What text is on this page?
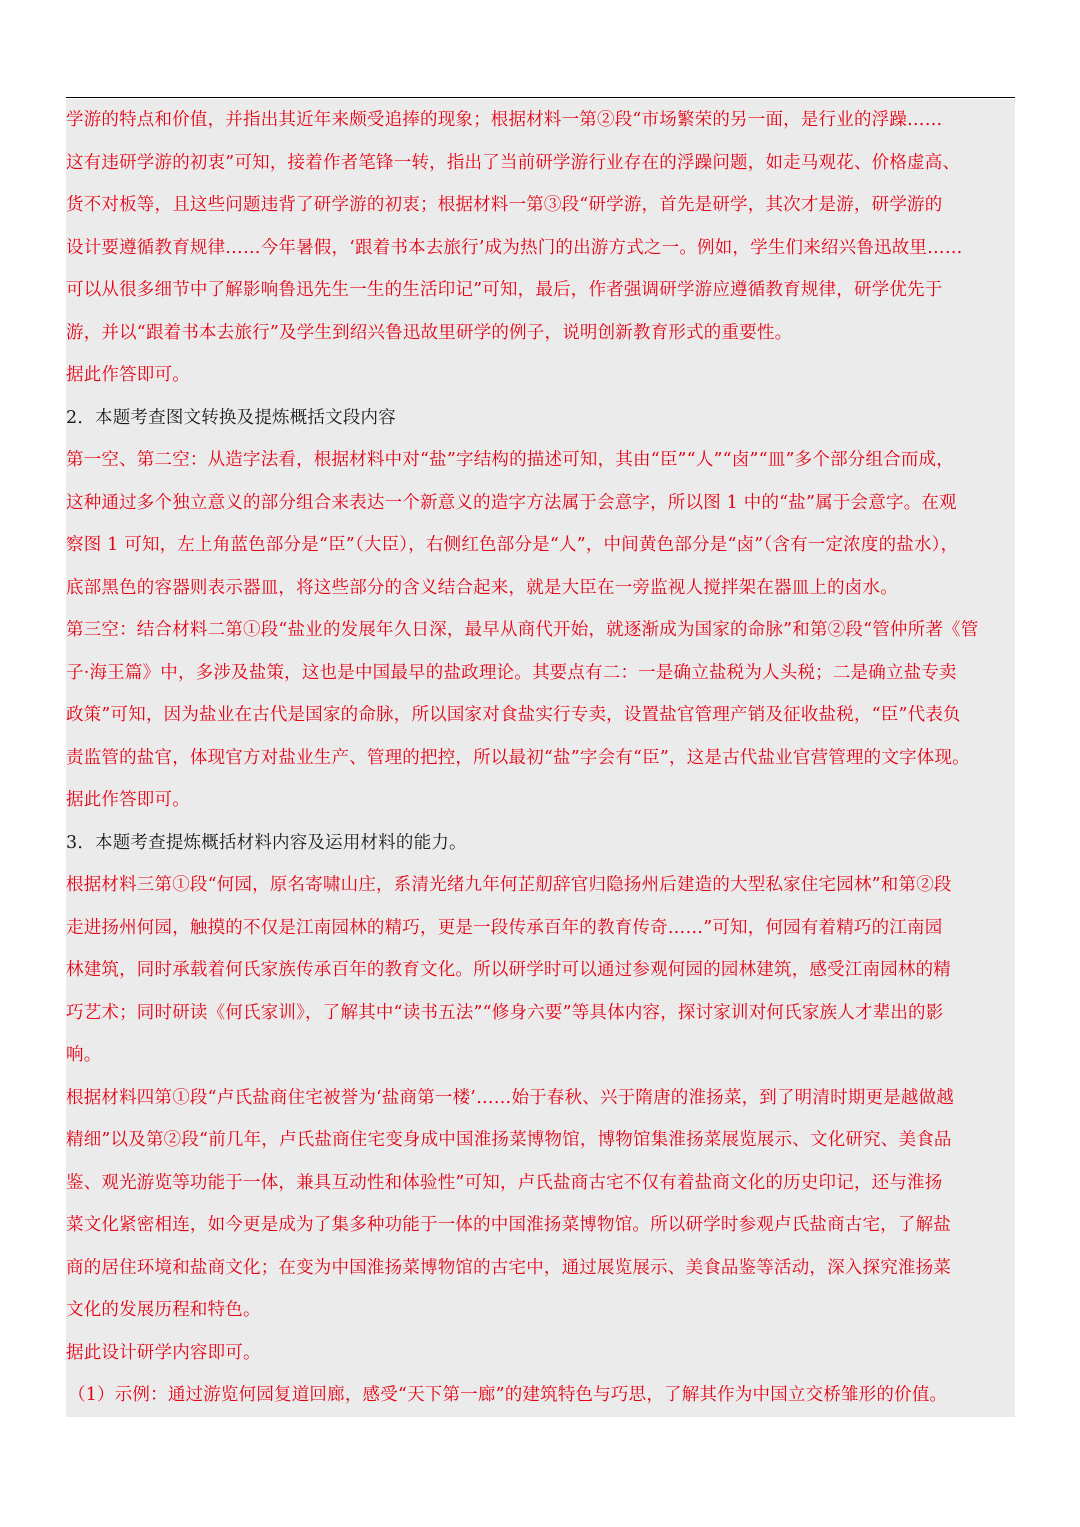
学游的特点和价值，并指出其近年来颇受追捧的现象；根据材料一第②段“市场繁荣的另一面，是行业的浮躁……
这有违研学游的初衷”可知，接着作者笔锋一转，指出了当前研学游行业存在的浮躁问题，如走马观花、价格虚高、
货不对板等，且这些问题违背了研学游的初衷；根据材料一第③段“研学游，首先是研学，其次才是游，研学游的
设计要遵循教育规律……今年暑假，‘跟着书本去旅行’成为热门的出游方式之一。例如，学生们来绍兴鲁迅故里……
可以从很多细节中了解影响鲁迅先生一生的生活印记”可知，最后，作者强调研学游应遵循教育规律，研学优先于
游，并以“跟着书本去旅行”及学生到绍兴鲁迅故里研学的例子，说明创新教育形式的重要性。
据此作答即可。
2．本题考查图文转换及提炼概括文段内容
第一空、第二空：从造字法看，根据材料中对“盐”字结构的描述可知，其由“臣”“人”“卤”“皿”多个部分组合而成，
这种通过多个独立意义的部分组合来表达一个新意义的造字方法属于会意字，所以图 1 中的“盐”属于会意字。在观
察图 1 可知，左上角蓝色部分是“臣”（大臣），右侧红色部分是“人”，中间黄色部分是“卤”（含有一定浓度的盐水），
底部黑色的容器则表示器皿，将这些部分的含义结合起来，就是大臣在一旁监视人搅拌架在器皿上的卤水。
第三空：结合材料二第①段“盐业的发展年久日深，最早从商代开始，就逐渐成为国家的命脉”和第②段“管仲所著《管
子·海王篇》中，多涉及盐策，这也是中国最早的盐政理论。其要点有二：一是确立盐税为人头税；二是确立盐专卖
政策”可知，因为盐业在古代是国家的命脉，所以国家对食盐实行专卖，设置盐官管理产销及征收盐税，“臣”代表负
责监管的盐官，体现官方对盐业生产、管理的把控，所以最初“盐”字会有“臣”，这是古代盐业官营管理的文字体现。
据此作答即可。
3．本题考查提炼概括材料内容及运用材料的能力。
根据材料三第①段“何园，原名寄啸山庄，系清光绪九年何芷舠辞官归隐扬州后建造的大型私家住宅园林”和第②段
走进扬州何园，触摸的不仅是江南园林的精巧，更是一段传承百年的教育传奇……”可知，何园有着精巧的江南园
林建筑，同时承载着何氏家族传承百年的教育文化。所以研学时可以通过参观何园的园林建筑，感受江南园林的精
巧艺术；同时研读《何氏家训》，了解其中“读书五法”“修身六要”等具体内容，探讨家训对何氏家族人才辈出的影
响。
根据材料四第①段“卢氏盐商住宅被誉为‘盐商第一楼’……始于春秋、兴于隋唐的淮扬菜，到了明清时期更是越做越
精细”以及第②段“前几年，卢氏盐商住宅变身成中国淮扬菜博物馆，博物馆集淮扬菜展览展示、文化研究、美食品
鉴、观光游览等功能于一体，兼具互动性和体验性”可知，卢氏盐商古宅不仅有着盐商文化的历史印记，还与淮扬
菜文化紧密相连，如今更是成为了集多种功能于一体的中国淮扬菜博物馆。所以研学时参观卢氏盐商古宅，了解盐
商的居住环境和盐商文化；在变为中国淮扬菜博物馆的古宅中，通过展览展示、美食品鉴等活动，深入探究淮扬菜
文化的发展历程和特色。
据此设计研学内容即可。
（1）示例：通过游览何园复道回廊，感受“天下第一廊”的建筑特色与巧思，了解其作为中国立交桥雏形的价值。
